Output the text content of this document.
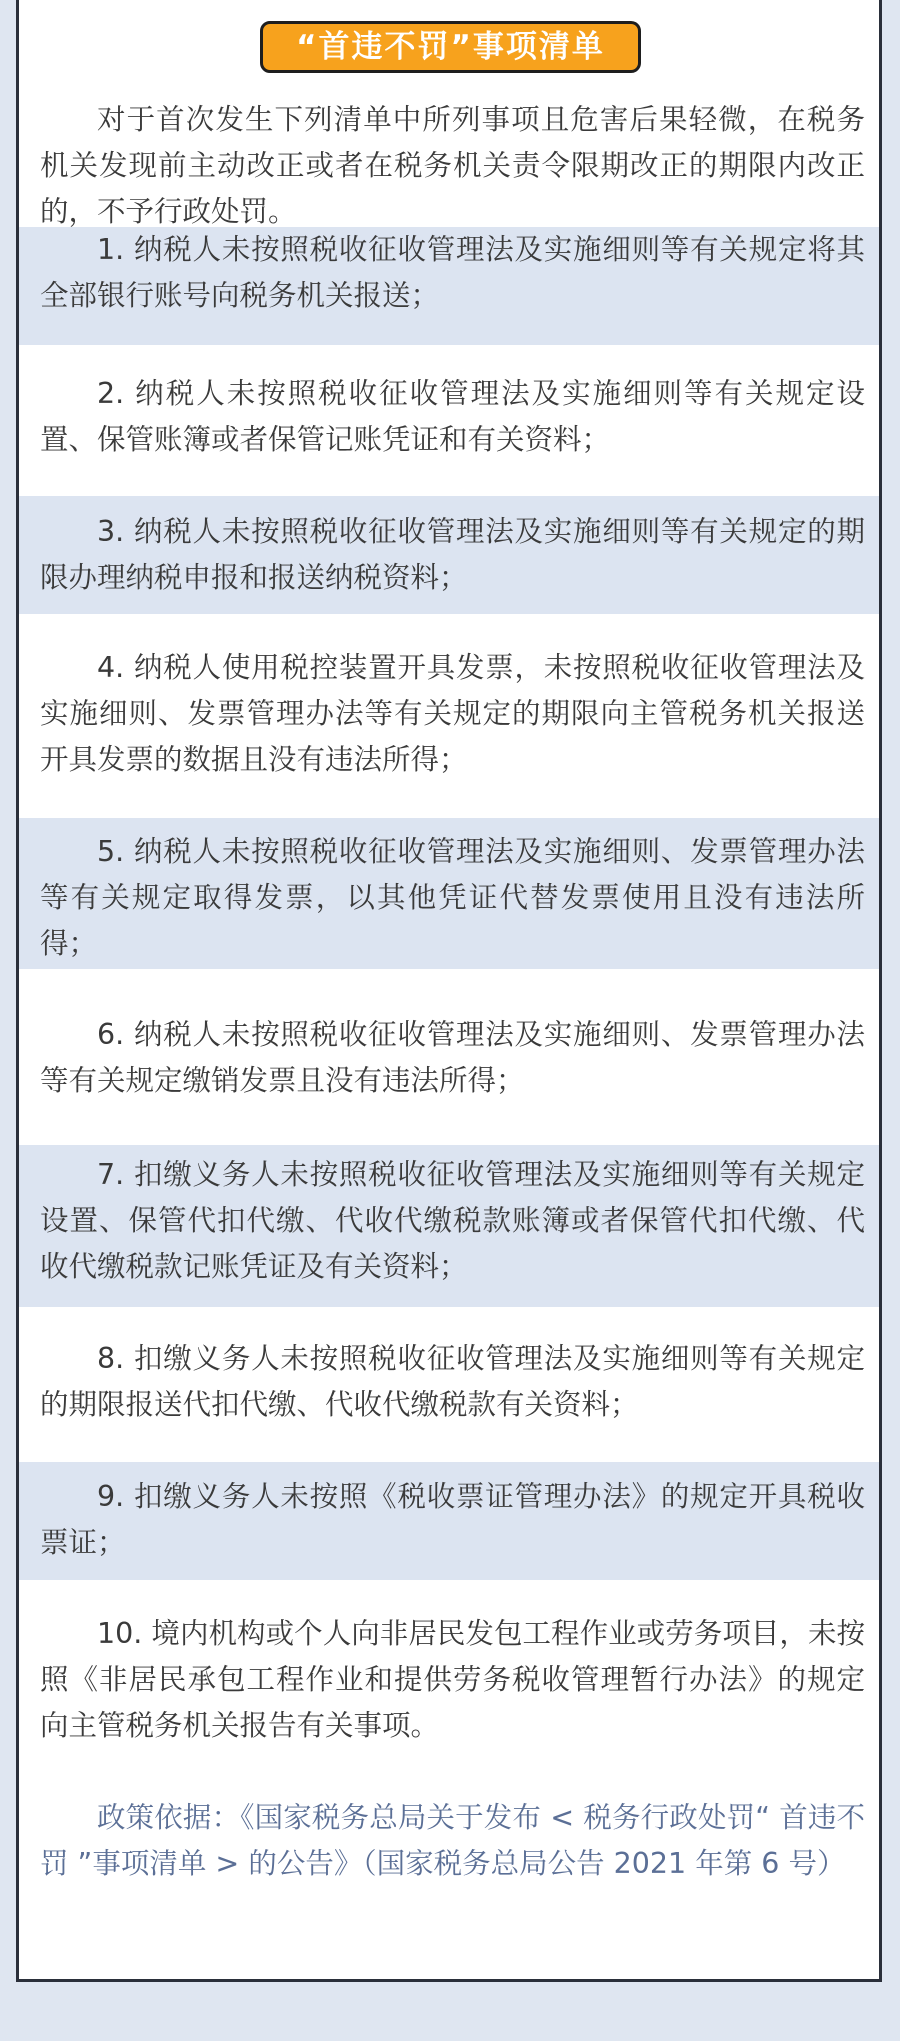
“首违不罚”事项清单

对于首次发生下列清单中所列事项且危害后果轻微，在税务机关发现前主动改正或者在税务机关责令限期改正的期限内改正的，不予行政处罚。

1. 纳税人未按照税收征收管理法及实施细则等有关规定将其全部银行账号向税务机关报送；

2. 纳税人未按照税收征收管理法及实施细则等有关规定设置、保管账簿或者保管记账凭证和有关资料；

3. 纳税人未按照税收征收管理法及实施细则等有关规定的期限办理纳税申报和报送纳税资料；

4. 纳税人使用税控装置开具发票，未按照税收征收管理法及实施细则、发票管理办法等有关规定的期限向主管税务机关报送开具发票的数据且没有违法所得；

5. 纳税人未按照税收征收管理法及实施细则、发票管理办法等有关规定取得发票，以其他凭证代替发票使用且没有违法所得；

6. 纳税人未按照税收征收管理法及实施细则、发票管理办法等有关规定缴销发票且没有违法所得；

7. 扣缴义务人未按照税收征收管理法及实施细则等有关规定设置、保管代扣代缴、代收代缴税款账簿或者保管代扣代缴、代收代缴税款记账凭证及有关资料；

8. 扣缴义务人未按照税收征收管理法及实施细则等有关规定的期限报送代扣代缴、代收代缴税款有关资料；

9. 扣缴义务人未按照《税收票证管理办法》的规定开具税收票证；

10. 境内机构或个人向非居民发包工程作业或劳务项目，未按照《非居民承包工程作业和提供劳务税收管理暂行办法》的规定向主管税务机关报告有关事项。

政策依据：《国家税务总局关于发布 < 税务行政处罚“ 首违不罚 ”事项清单 > 的公告》（国家税务总局公告 2021 年第 6 号）
